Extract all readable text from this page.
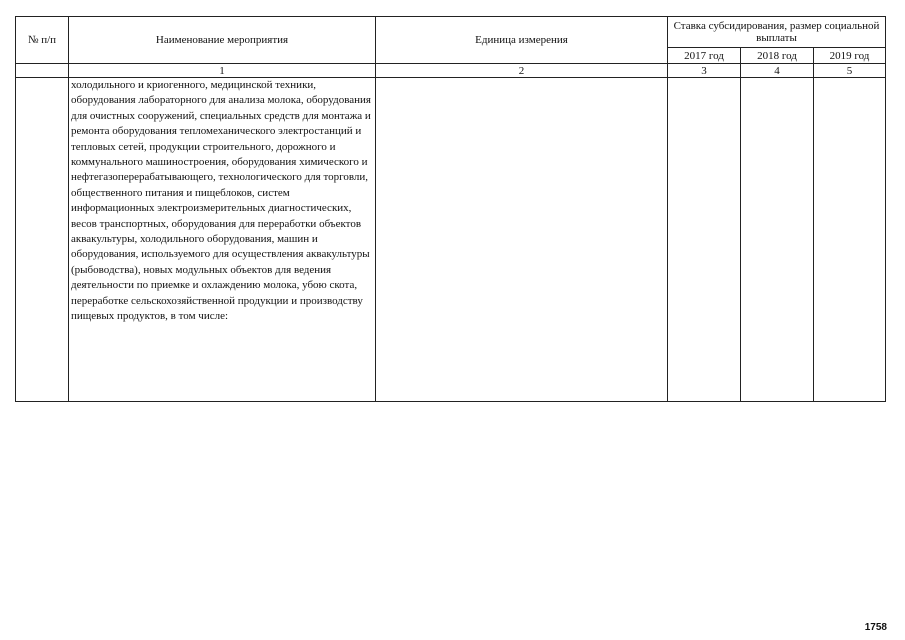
№ п/п	Наименование мероприятия	Единица измерения	Ставка субсидирования, размер социальной выплаты		
			2017 год	2018 год	2019 год
	1	2	3	4	5
	холодильного и криогенного, медицинской техники, оборудования лабораторного для анализа молока, оборудования для очистных сооружений, специальных средств для монтажа и ремонта оборудования тепломеханического электростанций и тепловых сетей, продукции строительного, дорожного и коммунального машиностроения, оборудования химического и нефтегазоперерабатывающего, технологического для торговли, общественного питания и пищеблоков, систем информационных электроизмерительных диагностических, весов транспортных, оборудования для переработки объектов аквакультуры, холодильного оборудования, машин и оборудования, используемого для осуществления аквакультуры (рыбоводства), новых модульных объектов для ведения деятельности по приемке и охлаждению молока, убою скота, переработке сельскохозяйственной продукции и производству пищевых продуктов, в том числе:				
1758
